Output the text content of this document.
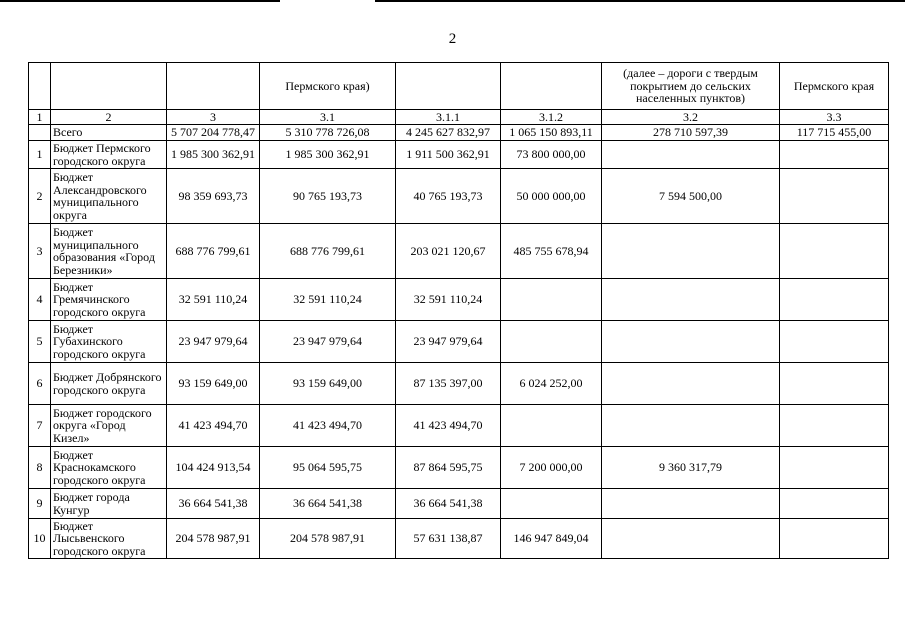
2
			Пермского края)			(далее – дороги с твердым покрытием до сельских населенных пунктов)	Пермского края
1	2	3	3.1	3.1.1	3.1.2	3.2	3.3
	Всего	5 707 204 778,47	5 310 778 726,08	4 245 627 832,97	1 065 150 893,11	278 710 597,39	117 715 455,00
1	Бюджет Пермского городского округа	1 985 300 362,91	1 985 300 362,91	1 911 500 362,91	73 800 000,00		
2	Бюджет Александровского муниципального округа	98 359 693,73	90 765 193,73	40 765 193,73	50 000 000,00	7 594 500,00	
3	Бюджет муниципального образования «Город Березники»	688 776 799,61	688 776 799,61	203 021 120,67	485 755 678,94		
4	Бюджет Гремячинского городского округа	32 591 110,24	32 591 110,24	32 591 110,24			
5	Бюджет Губахинского городского округа	23 947 979,64	23 947 979,64	23 947 979,64			
6	Бюджет Добрянского городского округа	93 159 649,00	93 159 649,00	87 135 397,00	6 024 252,00		
7	Бюджет городского округа «Город Кизел»	41 423 494,70	41 423 494,70	41 423 494,70			
8	Бюджет Краснокамского городского округа	104 424 913,54	95 064 595,75	87 864 595,75	7 200 000,00	9 360 317,79	
9	Бюджет города Кунгур	36 664 541,38	36 664 541,38	36 664 541,38			
10	Бюджет Лысьвенского городского округа	204 578 987,91	204 578 987,91	57 631 138,87	146 947 849,04		
